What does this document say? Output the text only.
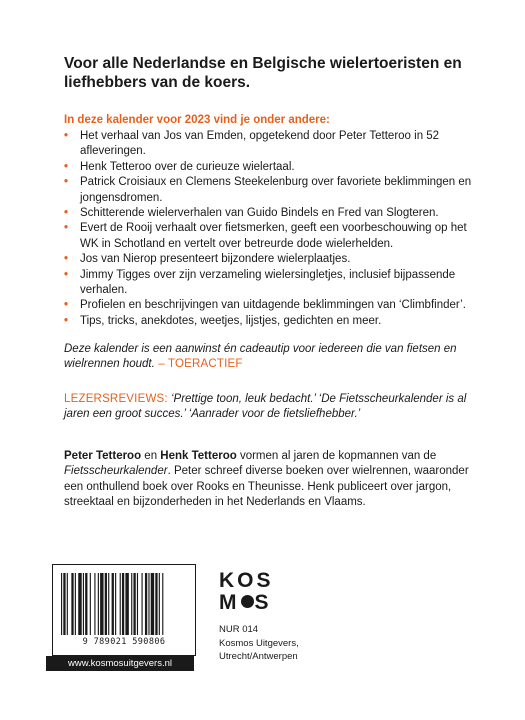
Voor alle Nederlandse en Belgische wielertoeristen en liefhebbers van de koers.
In deze kalender voor 2023 vind je onder andere:
• Het verhaal van Jos van Emden, opgetekend door Peter Tetteroo in 52 afleveringen.
• Henk Tetteroo over de curieuze wielertaal.
• Patrick Croisiaux en Clemens Steekelenburg over favoriete beklimmingen en jongensdromen.
• Schitterende wielerverhalen van Guido Bindels en Fred van Slogteren.
• Evert de Rooij verhaalt over fietsmerken, geeft een voorbeschouwing op het WK in Schotland en vertelt over betreurde dode wielerhelden.
• Jos van Nierop presenteert bijzondere wielerplaatjes.
• Jimmy Tigges over zijn verzameling wielersingletjes, inclusief bijpassende verhalen.
• Profielen en beschrijvingen van uitdagende beklimmingen van ‘Climbfinder’.
• Tips, tricks, anekdotes, weetjes, lijstjes, gedichten en meer.
Deze kalender is een aanwinst én cadeautip voor iedereen die van fietsen en wielrennen houdt. – TOERACTIEF
LEZERSREVIEWS: ‘Prettige toon, leuk bedacht.’ ‘De Fietsscheurkalender is al jaren een groot succes.’ ‘Aanrader voor de fietsliefhebber.’
Peter Tetteroo en Henk Tetteroo vormen al jaren de kopmannen van de Fietsscheurkalender. Peter schreef diverse boeken over wielrennen, waaronder een onthullend boek over Rooks en Theunisse. Henk publiceert over jargon, streektaal en bijzonderheden in het Nederlands en Vlaams.
9 789021 590806
www.kosmosuitgevers.nl
KOS
M S
NUR 014
Kosmos Uitgevers,
Utrecht/Antwerpen
